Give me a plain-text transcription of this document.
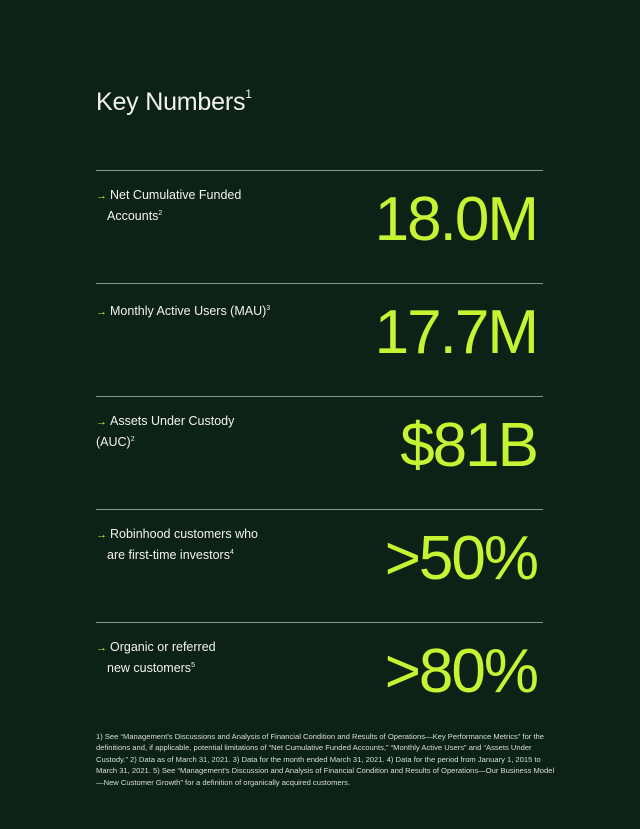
Key Numbers$^1$
→ Net Cumulative Funded
Accounts$^2$	18.0M
→ Monthly Active Users (MAU)$^3$ 17.7M
→ Assets Under Custody (AUC)$^2$	$81B
→ Robinhood customers who
are first-time investors$^4$	>50%
→ Organic or referred
new customers$^5$	>80%
1) See “Management's Discussions and Analysis of Financial Condition and Results of Operations—Key Performance Metrics” for the definitions and, if applicable, potential limitations of “Net Cumulative Funded Accounts,” “Monthly Active Users” and “Assets Under Custody.” 2) Data as of March 31, 2021. 3) Data for the month ended March 31, 2021. 4) Data for the period from January 1, 2015 to March 31, 2021. 5) See “Management's Discussion and Analysis of Financial Condition and Results of Operations—Our Business Model—New Customer Growth” for a definition of organically acquired customers.
